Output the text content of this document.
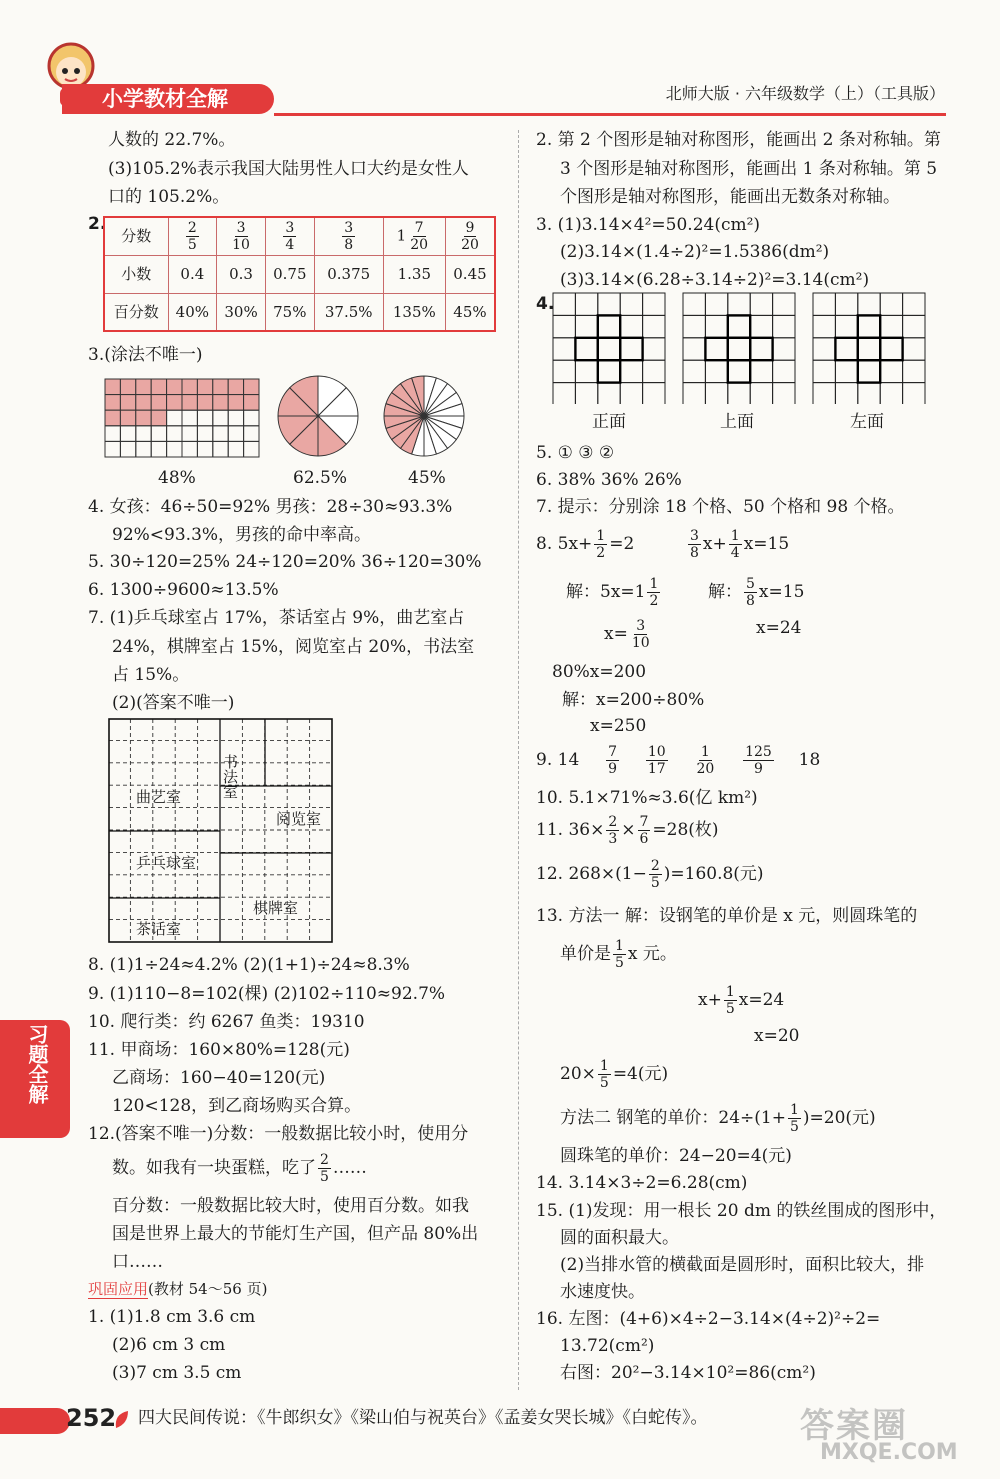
小学教材全解	北师大版 · 六年级数学（上）（工具版）
习题全解
人数的 22.7%。
(3)105.2%表示我国大陆男性人口大约是女性人
口的 105.2%。
2.
分数	$\frac{2}{5}$	$\frac{3}{10}$	$\frac{3}{4}$	$\frac{3}{8}$	$1 \frac{7}{20}$	$\frac{9}{20}$

小数	0.4	0.3	0.75	0.375	1.35	0.45
百分数	40%	30%	75%	37.5%	135%	45%
3.(涂法不唯一)
48%	62.5%	45%
4. 女孩：46÷50=92% 男孩：28÷30≈93.3%
92%<93.3%，男孩的命中率高。
5. 30÷120=25% 24÷120=20% 36÷120=30%
6. 1300÷9600≈13.5%
7. (1)乒乓球室占 17%，茶话室占 9%，曲艺室占
24%，棋牌室占 15%，阅览室占 20%，书法室
占 15%。
(2)(答案不唯一)
曲艺室	书法室
阅览室
乒乓球室
棋牌室
茶话室
8. (1)1÷24≈4.2% (2)(1+1)÷24≈8.3%
9. (1)110−8=102(棵) (2)102÷110≈92.7%
10. 爬行类：约 6267 鱼类：19310
11. 甲商场：160×80%=128(元)
乙商场：160−40=120(元)
120<128，到乙商场购买合算。
12.(答案不唯一)分数：一般数据比较小时，使用分
数。如我有一块蛋糕，吃了 $\frac{2}{5}$ ……
百分数：一般数据比较大时，使用百分数。如我
国是世界上最大的节能灯生产国，但产品 80%出
口……
巩固应用(教材 54～56 页)
1. (1)1.8 cm 3.6 cm
(2)6 cm 3 cm
(3)7 cm 3.5 cm
2. 第 2 个图形是轴对称图形，能画出 2 条对称轴。第
3 个图形是轴对称图形，能画出 1 条对称轴。第 5
个图形是轴对称图形，能画出无数条对称轴。
3. (1)3.14×4²=50.24(cm²)
(2)3.14×(1.4÷2)²=1.5386(dm²)
(3)3.14×(6.28÷3.14÷2)²=3.14(cm²)
4.
正面	上面	左面
5. ① ③ ②
6. 38% 36% 26%
7. 提示：分别涂 18 个格、50 个格和 98 个格。
8. $5x+ \frac{1}{2} =2$	$\frac{3}{8} x+ \frac{1}{4} x=15$
解：$5x=1 \frac{1}{2}$	解： $\frac{5}{8} x=15$
$x= \frac{3}{10}$	x=24
80%x=200
解：x=200÷80%
x=250
9. $14 \frac{7}{9}$
$\frac{10}{17}$
$\frac{1}{20}$
$\frac{125}{9} 18$
10. 5.1×71%≈3.6(亿 km²)
11. $36\times \frac{2}{3} \times \frac{7}{6} =28$(枚)
12. $268\times(1- \frac{2}{5} )=160.8$(元)
13. 方法一 解：设钢笔的单价是 x 元，则圆珠笔的
单价是 $\frac{1}{5}$ x 元。
$x+ \frac{1}{5} x=24$
x=20
$20\times \frac{1}{5} =4$(元)
方法二 钢笔的单价：$24\div(1+ \frac{1}{5} )=20$(元)
圆珠笔的单价：24−20=4(元)
14. 3.14×3÷2=6.28(cm)
15. (1)发现：用一根长 20 dm 的铁丝围成的图形中，
圆的面积最大。
(2)当排水管的横截面是圆形时，面积比较大，排
水速度快。
16. 左图：(4+6)×4÷2−3.14×(4÷2)²÷2=
13.72(cm²)
右图：20²−3.14×10²=86(cm²)
252 四大民间传说：《牛郎织女》《梁山伯与祝英台》《孟姜女哭长城》《白蛇传》。	答案圈
MXQE.COM
